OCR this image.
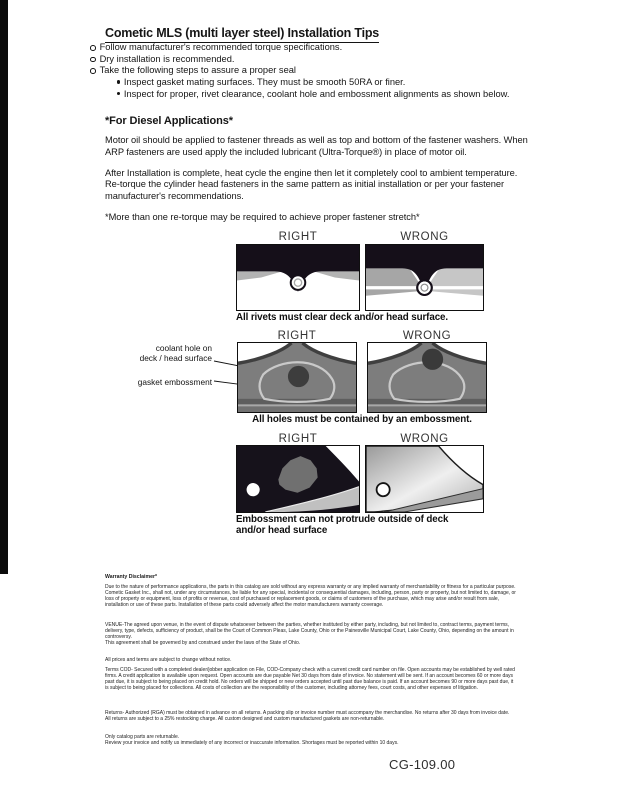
Cometic MLS (multi layer steel) Installation Tips
Follow manufacturer's recommended torque specifications.
Dry installation is recommended.
Take the following steps to assure a proper seal
Inspect gasket mating surfaces. They must be smooth 50RA or finer.
Inspect for proper, rivet clearance, coolant hole and embossment alignments as shown below.
*For Diesel Applications*

Motor oil should be applied to fastener threads as well as top and bottom of the fastener washers. When ARP fasteners are used apply the included lubricant (Ultra-Torque®) in place of motor oil.

After Installation is complete, heat cycle the engine then let it completely cool to ambient temperature. Re-torque the cylinder head fasteners in the same pattern as initial installation or per your fastener manufacturer's recommendations.

*More than one re-torque may be required to achieve proper fastener stretch*

RIGHT	WRONG
All rivets must clear deck and/or head surface.
RIGHT	WRONG
coolant hole on
deck / head surface
gasket embossment
All holes must be contained by an embossment.
RIGHT	WRONG
Embossment can not protrude outside of deck
and/or head surface
Warranty Disclaimer*
Due to the nature of performance applications, the parts in this catalog are sold without any express warranty or any implied warranty of merchantability or fitness for a particular purpose. Cometic Gasket Inc., shall not, under any circumstances, be liable for any special, incidental or consequential damages, including, person, party or property, but not limited to, damage, or loss of property or equipment, loss of profits or revenue, cost of purchased or replacement goods, or claims of customers of the purchase, which may arise and/or result from sale, installation or use of these parts. Installation of these parts could adversely affect the motor manufacturers warranty coverage.
VENUE-The agreed upon venue, in the event of dispute whatsoever between the parties, whether instituted by either party, including, but not limited to, contract terms, payment terms, delivery, type, defects, sufficiency of product, shall be the Court of Common Pleas, Lake County, Ohio or the Painesville Municipal Court, Lake County, Ohio, depending on the amount in controversy.
This agreement shall be governed by and construed under the laws of the State of Ohio.
All prices and terms are subject to change without notice.
Terms COD- Secured with a completed dealer/jobber application on File, COD-Company check with a current credit card number on file. Open accounts may be established by well rated firms. A credit application is available upon request. Open accounts are due payable Net 30 days from date of invoice. No statement will be sent. If an account becomes 60 or more days past due, it is subject to being placed on credit hold. No orders will be shipped or new orders accepted until past due balance is paid. If an account becomes 90 or more days past due, it is subject to being placed for collections. All costs of collection are the responsibility of the customer, including attorney fees, court costs, and other expenses of litigation.
Returns- Authorized (RGA) must be obtained in advance on all returns. A packing slip or invoice number must accompany the merchandise. No returns after 30 days from invoice date. All returns are subject to a 25% restocking charge. All custom designed and custom manufactured gaskets are non-returnable.
Only catalog parts are returnable.
Review your invoice and notify us immediately of any incorrect or inaccurate information. Shortages must be reported within 10 days.
CG-109.00
